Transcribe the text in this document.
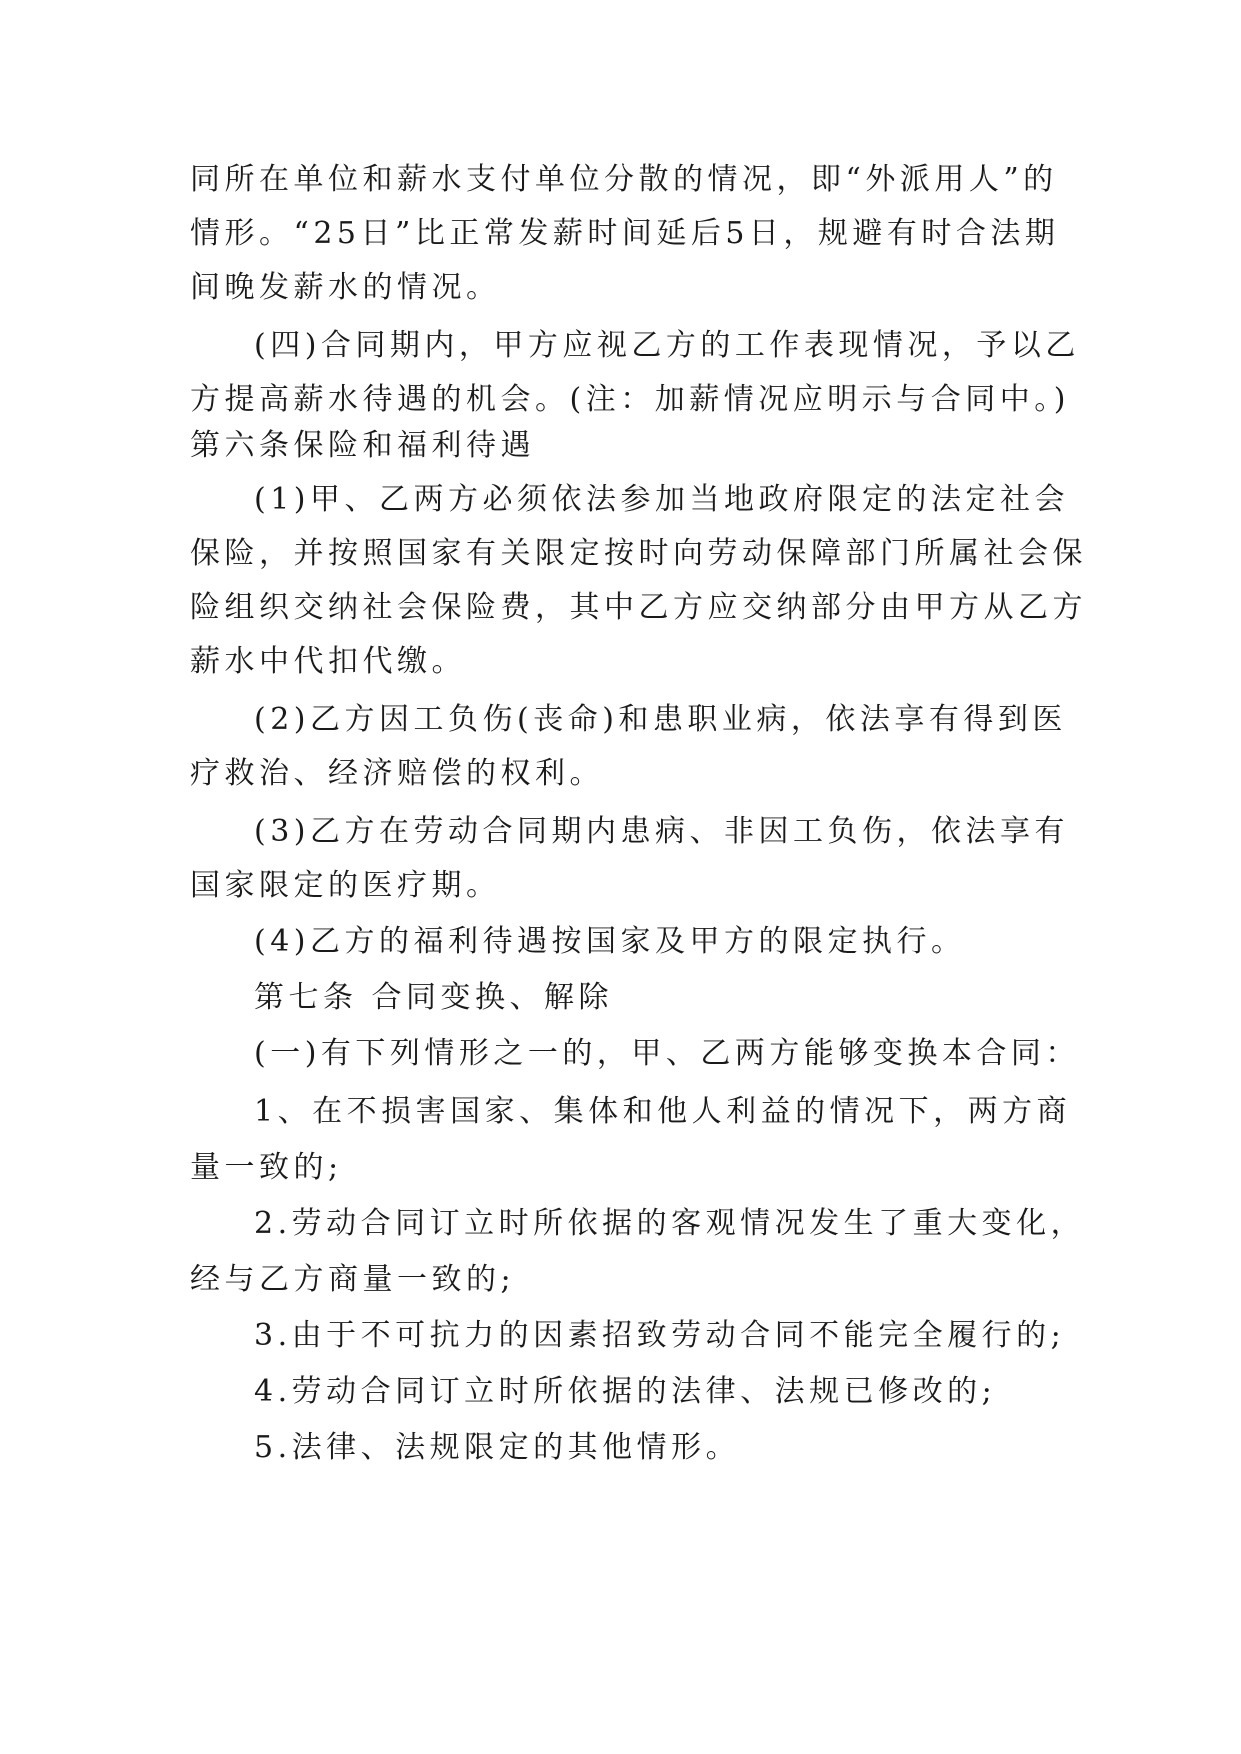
同所在单位和薪水支付单位分散的情况，即“外派用人”的
情形。“25日”比正常发薪时间延后5日，规避有时合法期
间晚发薪水的情况。
(四)合同期内，甲方应视乙方的工作表现情况，予以乙
方提高薪水待遇的机会。(注：加薪情况应明示与合同中。)
第六条保险和福利待遇
(1)甲、乙两方必须依法参加当地政府限定的法定社会
保险，并按照国家有关限定按时向劳动保障部门所属社会保
险组织交纳社会保险费，其中乙方应交纳部分由甲方从乙方
薪水中代扣代缴。
(2)乙方因工负伤(丧命)和患职业病，依法享有得到医
疗救治、经济赔偿的权利。
(3)乙方在劳动合同期内患病、非因工负伤，依法享有
国家限定的医疗期。
(4)乙方的福利待遇按国家及甲方的限定执行。
第七条 合同变换、解除
(一)有下列情形之一的，甲、乙两方能够变换本合同：
1、在不损害国家、集体和他人利益的情况下，两方商
量一致的;
2.劳动合同订立时所依据的客观情况发生了重大变化，
经与乙方商量一致的;
3.由于不可抗力的因素招致劳动合同不能完全履行的;
4.劳动合同订立时所依据的法律、法规已修改的;
5.法律、法规限定的其他情形。
